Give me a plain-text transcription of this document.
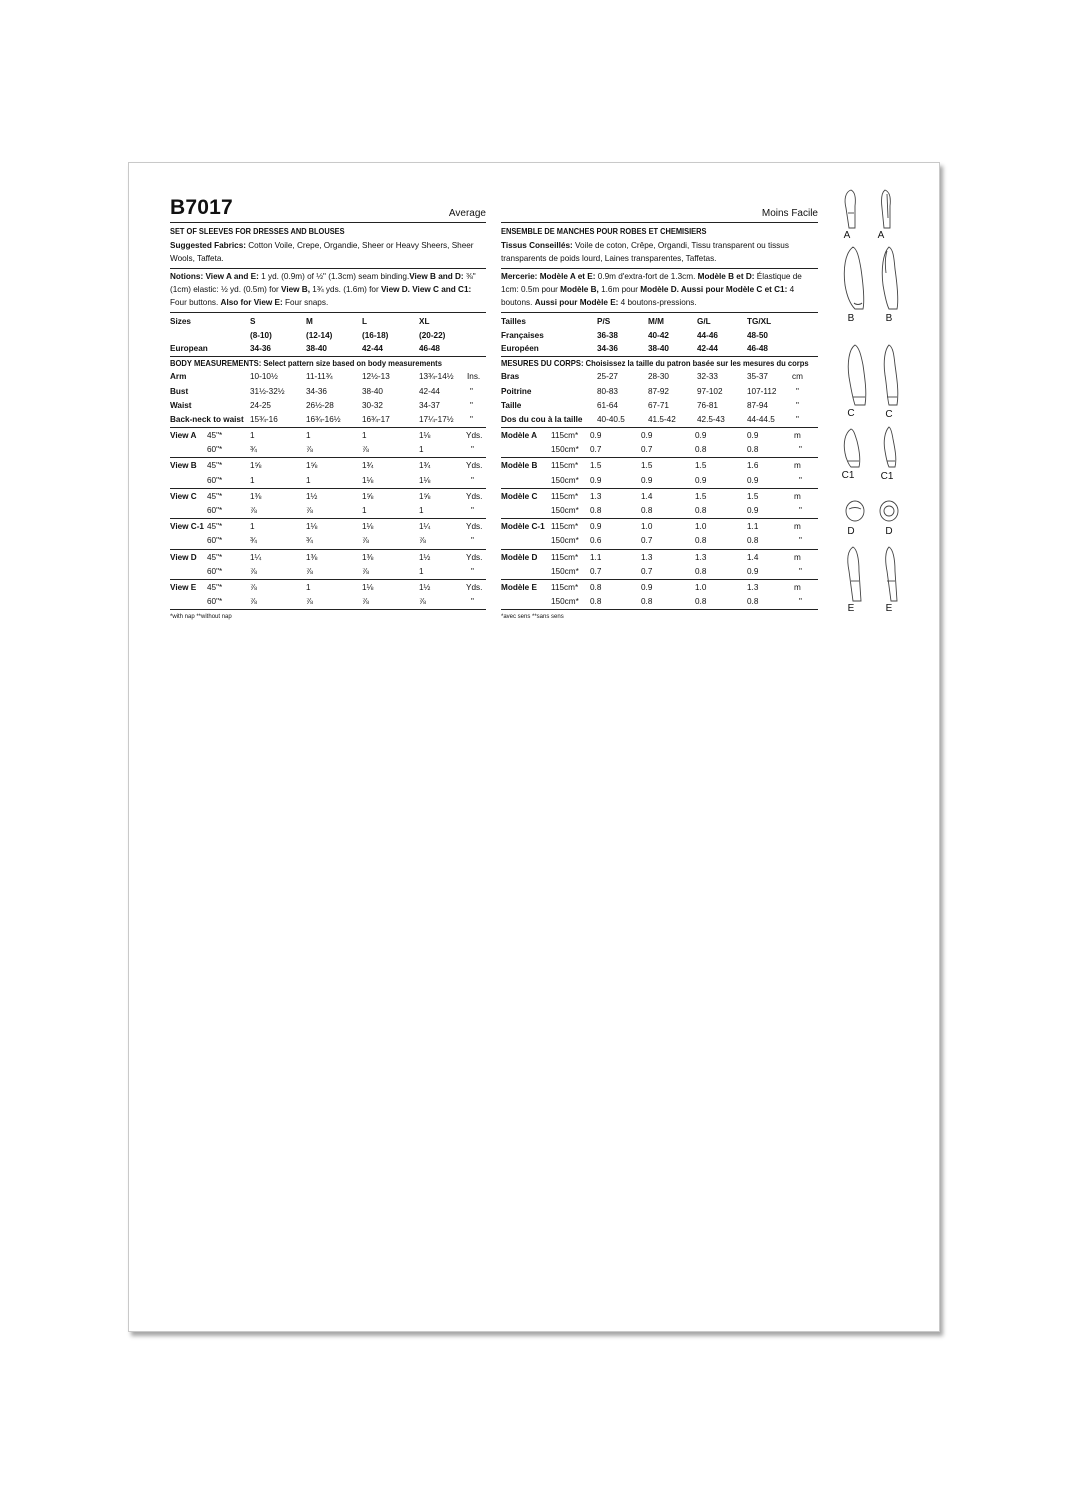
B7017	Average
SET OF SLEEVES FOR DRESSES AND BLOUSES
Suggested Fabrics: Cotton Voile, Crepe, Organdie, Sheer or Heavy Sheers, Sheer Wools, Taffeta.
Notions: View A and E: 1 yd. (0.9m) of ½" (1.3cm) seam binding.View B and D: ⅜" (1cm) elastic: ½ yd. (0.5m) for View B, 1¾ yds. (1.6m) for View D. View C and C1: Four buttons. Also for View E: Four snaps.
Sizes	S	M	L	XL
(8-10)	(12-14)	(16-18)	(20-22)
European	34-36	38-40	42-44	46-48
BODY MEASUREMENTS: Select pattern size based on body measurements
Arm	10-10½	11-11¾	12½-13	13¾-14½ Ins.
Bust	31½-32½	34-36	38-40	42-44	"
Waist	24-25	26½-28	30-32	34-37	"
Back-neck to waist 15¾-16	16¾-16½	16¾-17	17¼-17½ "
View A 45"*	1	1	1	1⅛	Yds.
60"*	¾	⅞	⅞	1	"
View B 45"*	1⅝	1⅝	1¾	1¾	Yds.
60"*	1	1	1⅛	1⅛	"
View C 45"*	1⅜	1½	1⅝	1⅝	Yds.
60"*	⅞	⅞	1	1	"
View C-1 45"*	1	1⅛	1⅛	1¼	Yds.
60"*	¾	¾	⅞	⅞	"
View D 45"*	1¼	1⅜	1⅜	1½	Yds.
60"*	⅞	⅞	⅞	1	"
View E 45"*	⅞	1	1⅛	1½	Yds.
60"*	⅞	⅞	⅞	⅞	"
*with nap **without nap
Moins Facile
ENSEMBLE DE MANCHES POUR ROBES ET CHEMISIERS
Tissus Conseillés: Voile de coton, Crêpe, Organdi, Tissu transparent ou tissus transparents de poids lourd, Laines transparentes, Taffetas.
Mercerie: Modèle A et E: 0.9m d'extra-fort de 1.3cm. Modèle B et D: Élastique de 1cm: 0.5m pour Modèle B, 1.6m pour Modèle D. Aussi pour Modèle C et C1: 4 boutons. Aussi pour Modèle E: 4 boutons-pressions.
Tailles	P/S	M/M	G/L	TG/XL
Françaises	36-38	40-42	44-46	48-50
Européen	34-36	38-40	42-44	46-48
MESURES DU CORPS: Choisissez la taille du patron basée sur les mesures du corps
Bras	25-27	28-30	32-33	35-37	cm
Poitrine	80-83	87-92	97-102	107-112 "
Taille	61-64	67-71	76-81	87-94	"
Dos du cou à la taille 40-40.5	41.5-42	42.5-43	44-44.5	"
Modèle A 115cm* 0.9	0.9	0.9	0.9	m
150cm* 0.7	0.7	0.8	0.8	"
Modèle B 115cm* 1.5	1.5	1.5	1.6	m
150cm* 0.9	0.9	0.9	0.9	"
Modèle C 115cm* 1.3	1.4	1.5	1.5	m
150cm* 0.8	0.8	0.8	0.9	"
Modèle C-1 115cm* 0.9	1.0	1.0	1.1	m
150cm* 0.6	0.7	0.8	0.8	"
Modèle D 115cm* 1.1	1.3	1.3	1.4	m
150cm* 0.7	0.7	0.8	0.9	"
Modèle E 115cm* 0.8	0.9	1.0	1.3	m
150cm* 0.8	0.8	0.8	0.8	"
*avec sens **sans sens
A	A
B	B
C	C
C1	C1
D	D
E	E
